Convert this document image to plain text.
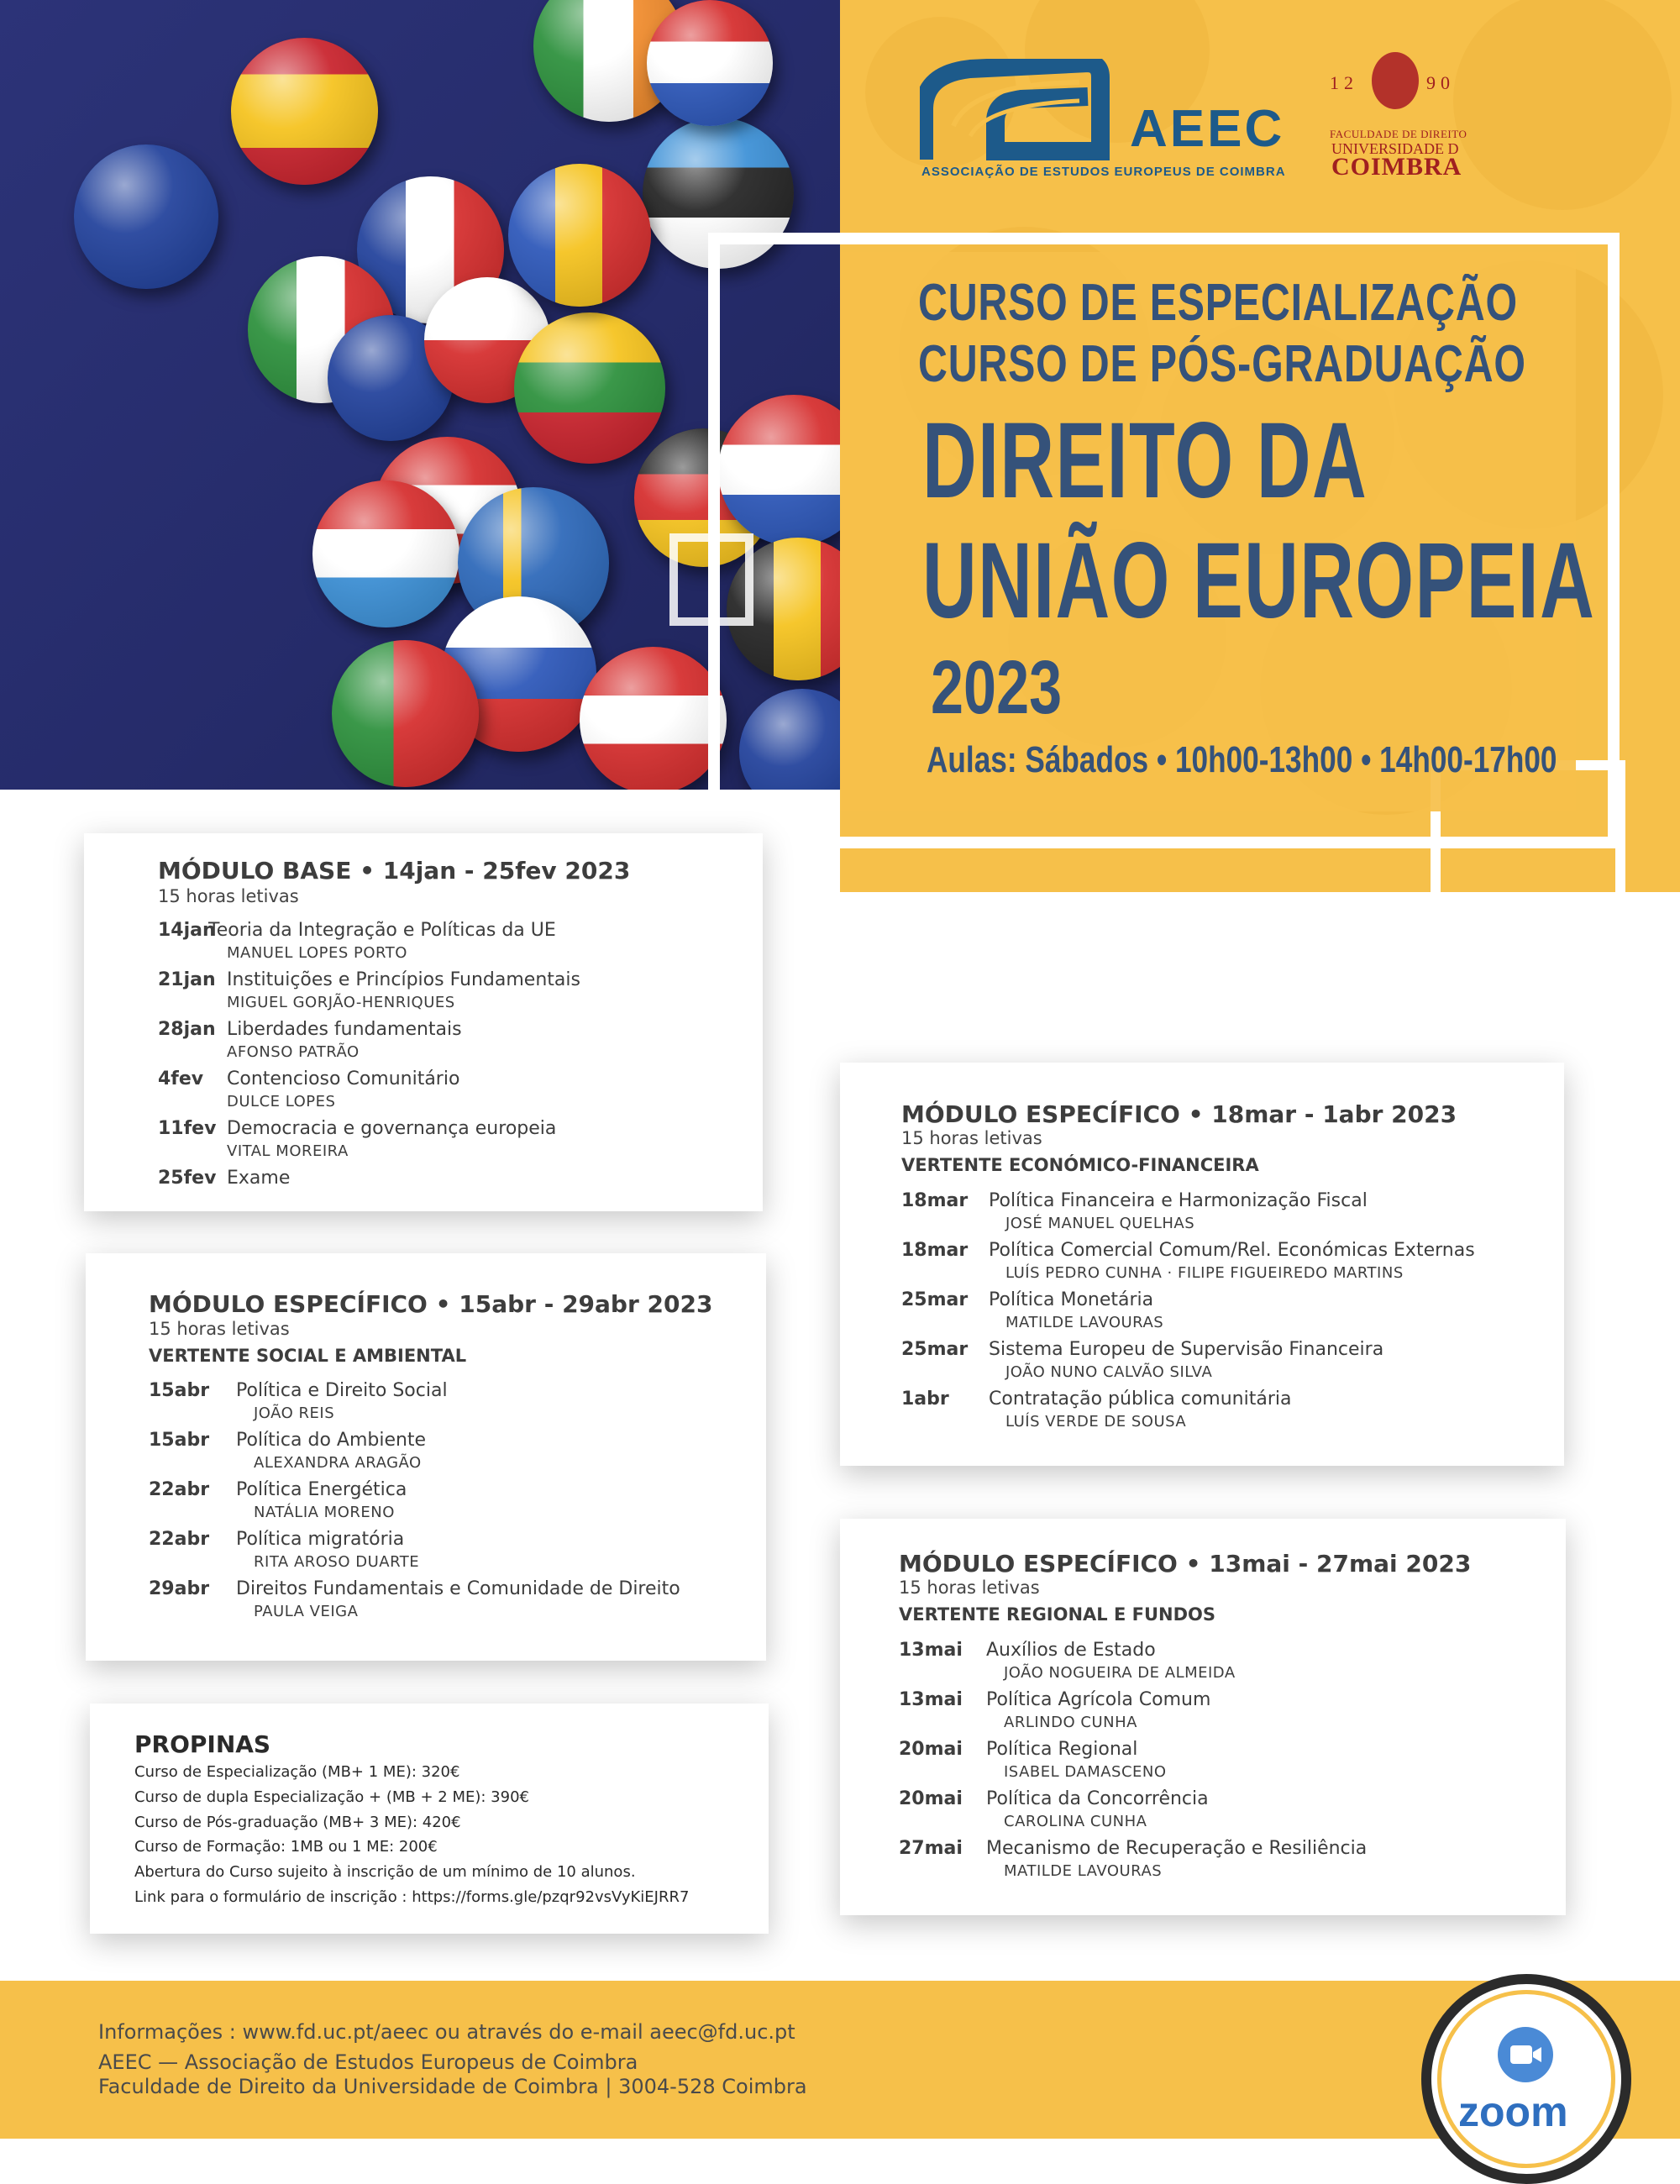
AEEC
ASSOCIAÇÃO DE ESTUDOS EUROPEUS DE COIMBRA
12	90
FACULDADE DE DIREITO
UNIVERSIDADE D
COIMBRA
CURSO DE ESPECIALIZAÇÃO
CURSO DE PÓS-GRADUAÇÃO
DIREITO DA
UNIÃO EUROPEIA
2023
Aulas: Sábados • 10h00-13h00 • 14h00-17h00
MÓDULO BASE • 14jan - 25fev 2023
15 horas letivas
14jan
Teoria da Integração e Políticas da UE
MANUEL LOPES PORTO
21jan Instituições e Princípios Fundamentais
MIGUEL GORJÃO-HENRIQUES
28jan Liberdades fundamentais
AFONSO PATRÃO
4fev Contencioso Comunitário
DULCE LOPES
11fev Democracia e governança europeia
VITAL MOREIRA
25fev Exame
MÓDULO ESPECÍFICO • 15abr - 29abr 2023
15 horas letivas
VERTENTE SOCIAL E AMBIENTAL
15abr Política e Direito Social
JOÃO REIS
15abr Política do Ambiente
ALEXANDRA ARAGÃO
22abr Política Energética
NATÁLIA MORENO
22abr Política migratória
RITA AROSO DUARTE
29abr Direitos Fundamentais e Comunidade de Direito
PAULA VEIGA
MÓDULO ESPECÍFICO • 18mar - 1abr 2023
15 horas letivas
VERTENTE ECONÓMICO-FINANCEIRA
18mar Política Financeira e Harmonização Fiscal
JOSÉ MANUEL QUELHAS
18mar Política Comercial Comum/Rel. Económicas Externas
LUÍS PEDRO CUNHA · FILIPE FIGUEIREDO MARTINS
25mar Política Monetária
MATILDE LAVOURAS
25mar Sistema Europeu de Supervisão Financeira
JOÃO NUNO CALVÃO SILVA
1abr Contratação pública comunitária
LUÍS VERDE DE SOUSA
MÓDULO ESPECÍFICO • 13mai - 27mai 2023
15 horas letivas
VERTENTE REGIONAL E FUNDOS
13mai Auxílios de Estado
JOÃO NOGUEIRA DE ALMEIDA
13mai Política Agrícola Comum
ARLINDO CUNHA
20mai Política Regional
ISABEL DAMASCENO
20mai Política da Concorrência
CAROLINA CUNHA
27mai Mecanismo de Recuperação e Resiliência
MATILDE LAVOURAS
PROPINAS
Curso de Especialização (MB+ 1 ME): 320€
Curso de dupla Especialização + (MB + 2 ME): 390€
Curso de Pós-graduação (MB+ 3 ME): 420€
Curso de Formação: 1MB ou 1 ME: 200€
Abertura do Curso sujeito à inscrição de um mínimo de 10 alunos.
Link para o formulário de inscrição : https://forms.gle/pzqr92vsVyKiEJRR7
Informações : www.fd.uc.pt/aeec ou através do e-mail aeec@fd.uc.pt
AEEC — Associação de Estudos Europeus de Coimbra
Faculdade de Direito da Universidade de Coimbra | 3004-528 Coimbra
zoom
